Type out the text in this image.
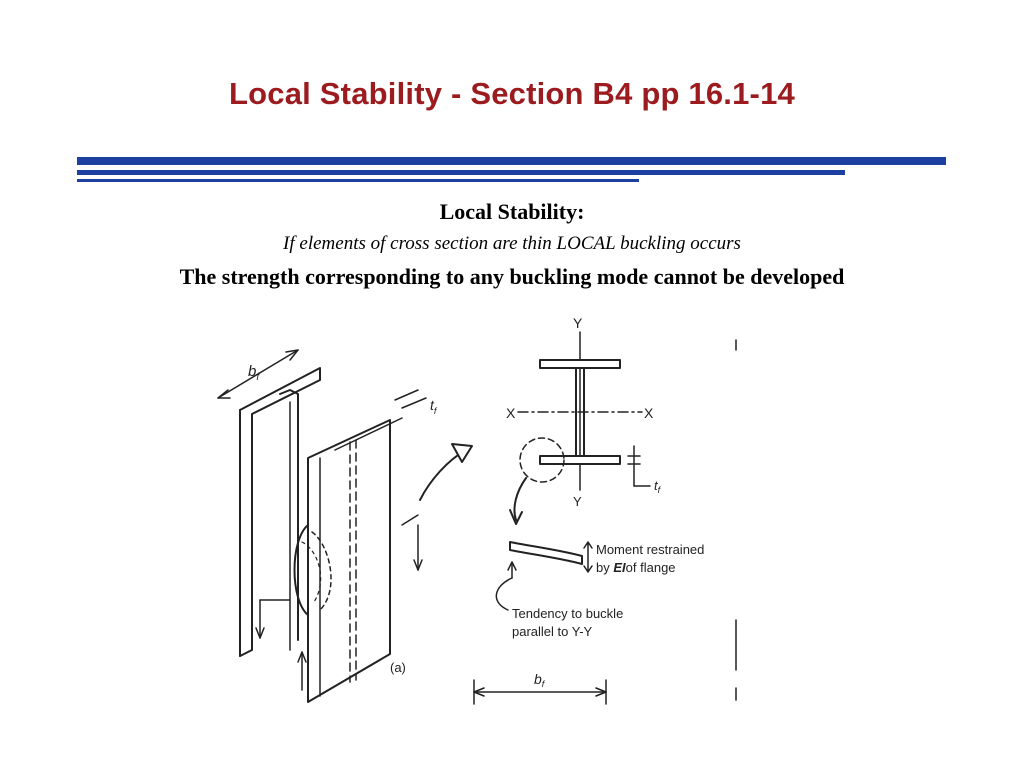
Local Stability - Section B4 pp 16.1-14
Local Stability:
If elements of cross section are thin LOCAL buckling occurs
The strength corresponding to any buckling mode cannot be developed
$b_f$
$t_f$
(a)
Y
Y
X	X
$t_f$
Moment restrained
by EIof flange
Tendency to buckle
parallel to Y-Y
$b_f$
